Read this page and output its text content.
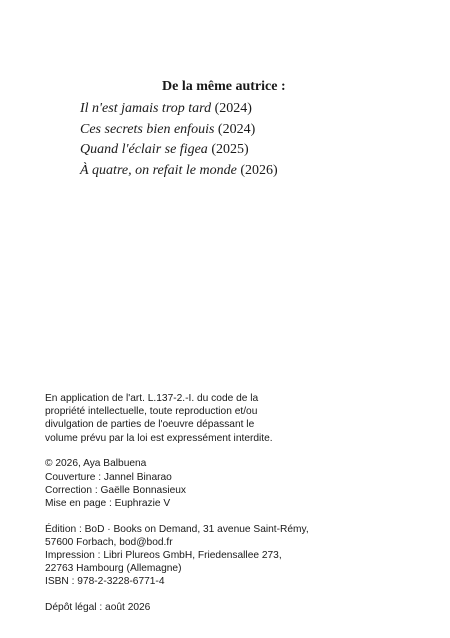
De la même autrice :
Il n'est jamais trop tard (2024)
Ces secrets bien enfouis (2024)
Quand l'éclair se figea (2025)
À quatre, on refait le monde (2026)

En application de l'art. L.137-2.-I. du code de la
propriété intellectuelle, toute reproduction et/ou
divulgation de parties de l'oeuvre dépassant le
volume prévu par la loi est expressément interdite.

© 2026, Aya Balbuena
Couverture : Jannel Binarao
Correction : Gaëlle Bonnasieux
Mise en page : Euphrazie V

Édition : BoD · Books on Demand, 31 avenue Saint-Rémy,
57600 Forbach, bod@bod.fr
Impression : Libri Plureos GmbH, Friedensallee 273,
22763 Hambourg (Allemagne)
ISBN : 978-2-3228-6771-4

Dépôt légal : août 2026
